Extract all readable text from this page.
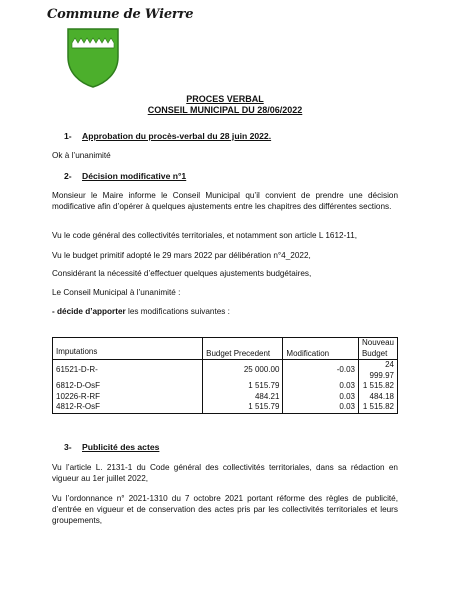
Commune de Wierre
PROCES VERBAL
CONSEIL MUNICIPAL DU 28/06/2022
1- Approbation du procès-verbal du 28 juin 2022.
Ok à l’unanimité
2- Décision modificative n°1
Monsieur le Maire informe le Conseil Municipal qu’il convient de prendre une décision modificative afin d’opérer à quelques ajustements entre les chapitres des différentes sections.
Vu le code général des collectivités territoriales, et notamment son article L 1612-11,
Vu le budget primitif adopté le 29 mars 2022 par délibération n°4_2022,
Considérant la nécessité d’effectuer quelques ajustements budgétaires,
Le Conseil Municipal à l’unanimité :
- décide d’apporter les modifications suivantes :
Imputations	Budget Precedent	Modification	Nouveau Budget
61521-D-R-	25 000.00	-0.03	24 999.97
6812-D-OsF	1 515.79	0.03	1 515.82
10226-R-RF	484.21	0.03	484.18
4812-R-OsF	1 515.79	0.03	1 515.82
3- Publicité des actes
Vu l’article L. 2131-1 du Code général des collectivités territoriales, dans sa rédaction en vigueur au 1er juillet 2022,
Vu l’ordonnance n° 2021-1310 du 7 octobre 2021 portant réforme des règles de publicité, d’entrée en vigueur et de conservation des actes pris par les collectivités territoriales et leurs groupements,
